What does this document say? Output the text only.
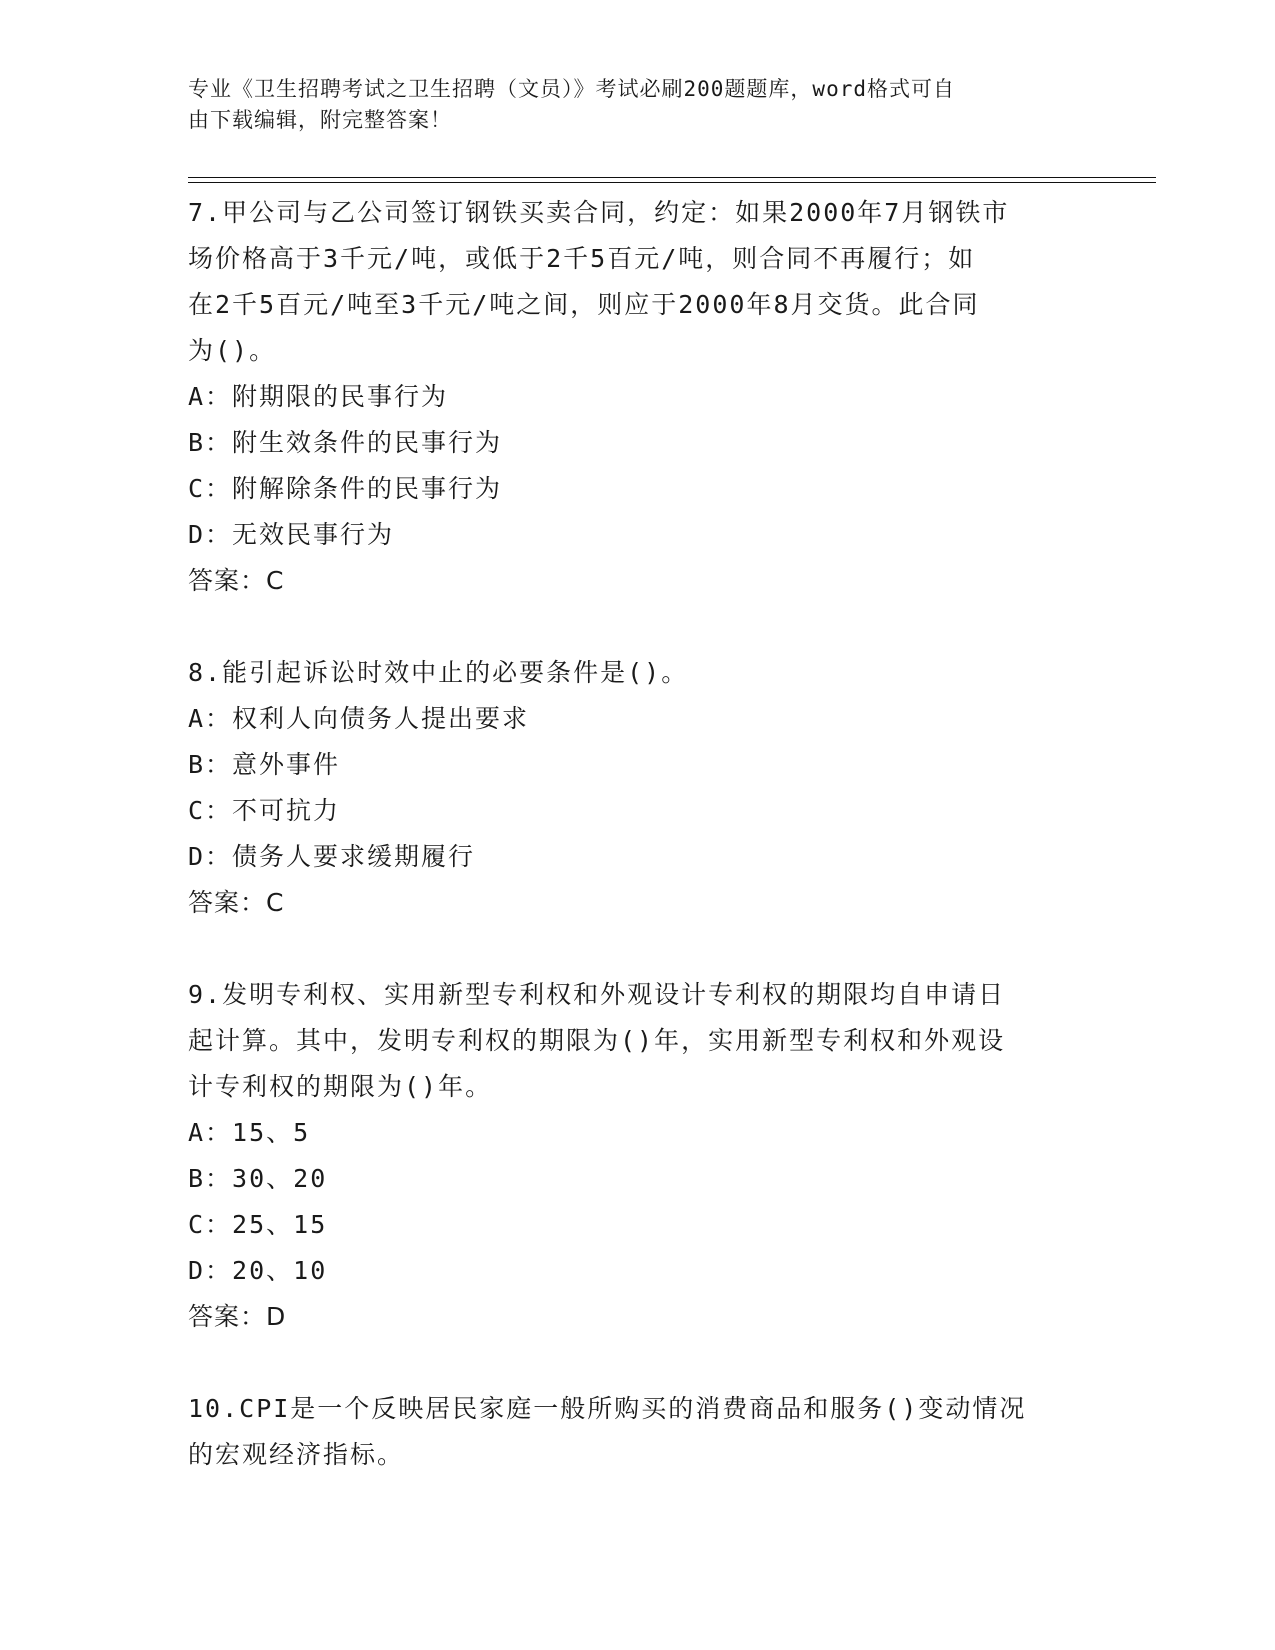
专业《卫生招聘考试之卫生招聘（文员）》考试必刷200题题库，word格式可自
由下载编辑，附完整答案！
7.甲公司与乙公司签订钢铁买卖合同，约定：如果2000年7月钢铁市
场价格高于3千元/吨，或低于2千5百元/吨，则合同不再履行；如
在2千5百元/吨至3千元/吨之间，则应于2000年8月交货。此合同
为()。
A：附期限的民事行为
B：附生效条件的民事行为
C：附解除条件的民事行为
D：无效民事行为
答案：C
8.能引起诉讼时效中止的必要条件是()。
A：权利人向债务人提出要求
B：意外事件
C：不可抗力
D：债务人要求缓期履行
答案：C
9.发明专利权、实用新型专利权和外观设计专利权的期限均自申请日
起计算。其中，发明专利权的期限为()年，实用新型专利权和外观设
计专利权的期限为()年。
A：15、5
B：30、20
C：25、15
D：20、10
答案：D
10.CPI是一个反映居民家庭一般所购买的消费商品和服务()变动情况
的宏观经济指标。
